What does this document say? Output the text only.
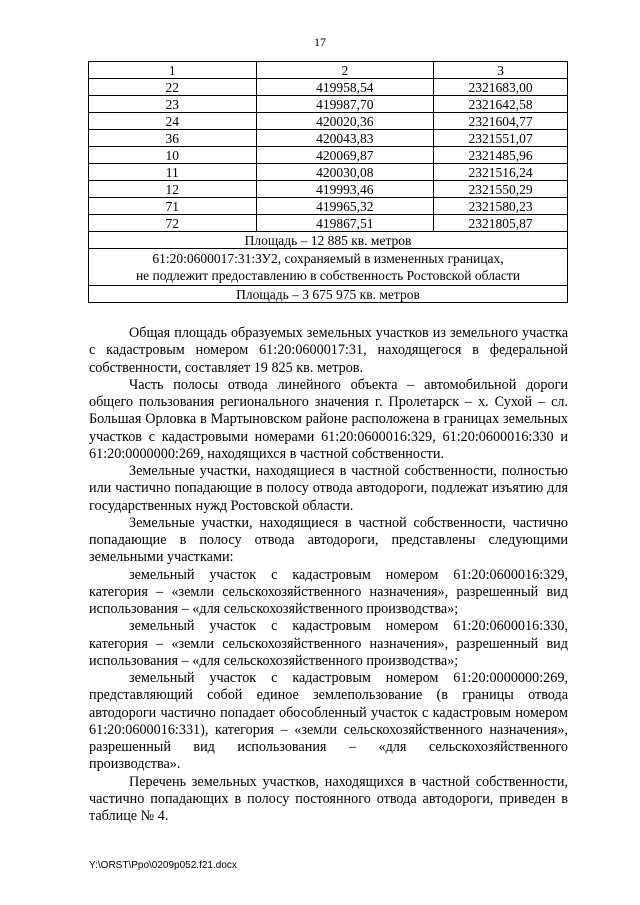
17
1	2	3
22	419958,54	2321683,00
23	419987,70	2321642,58
24	420020,36	2321604,77
36	420043,83	2321551,07
10	420069,87	2321485,96
11	420030,08	2321516,24
12	419993,46	2321550,29
71	419965,32	2321580,23
72	419867,51	2321805,87
Площадь – 12 885 кв. метров		

61:20:0600017:31:ЗУ2, сохраняемый в измененных границах,
не подлежит предоставлению в собственность Ростовской области		

Площадь – 3 675 975 кв. метров		

Общая площадь образуемых земельных участков из земельного участка с кадастровым номером 61:20:0600017:31, находящегося в федеральной собственности, составляет 19 825 кв. метров.

Часть полосы отвода линейного объекта – автомобильной дороги общего пользования регионального значения г. Пролетарск – х. Сухой – сл. Большая Орловка в Мартыновском районе расположена в границах земельных участков с кадастровыми номерами 61:20:0600016:329, 61:20:0600016:330 и 61:20:0000000:269, находящихся в частной собственности.

Земельные участки, находящиеся в частной собственности, полностью или частично попадающие в полосу отвода автодороги, подлежат изъятию для государственных нужд Ростовской области.

Земельные участки, находящиеся в частной собственности, частично попадающие в полосу отвода автодороги, представлены следующими земельными участками:

земельный участок с кадастровым номером 61:20:0600016:329, категория – «земли сельскохозяйственного назначения», разрешенный вид использования – «для сельскохозяйственного производства»;

земельный участок с кадастровым номером 61:20:0600016:330, категория – «земли сельскохозяйственного назначения», разрешенный вид использования – «для сельскохозяйственного производства»;

земельный участок с кадастровым номером 61:20:0000000:269, представляющий собой единое землепользование (в границы отвода автодороги частично попадает обособленный участок с кадастровым номером 61:20:0600016:331), категория – «земли сельскохозяйственного назначения», разрешенный вид использования – «для сельскохозяйственного производства».

Перечень земельных участков, находящихся в частной собственности, частично попадающих в полосу постоянного отвода автодороги, приведен в таблице № 4.

Y:\ORST\Ppo\0209p052.f21.docx
